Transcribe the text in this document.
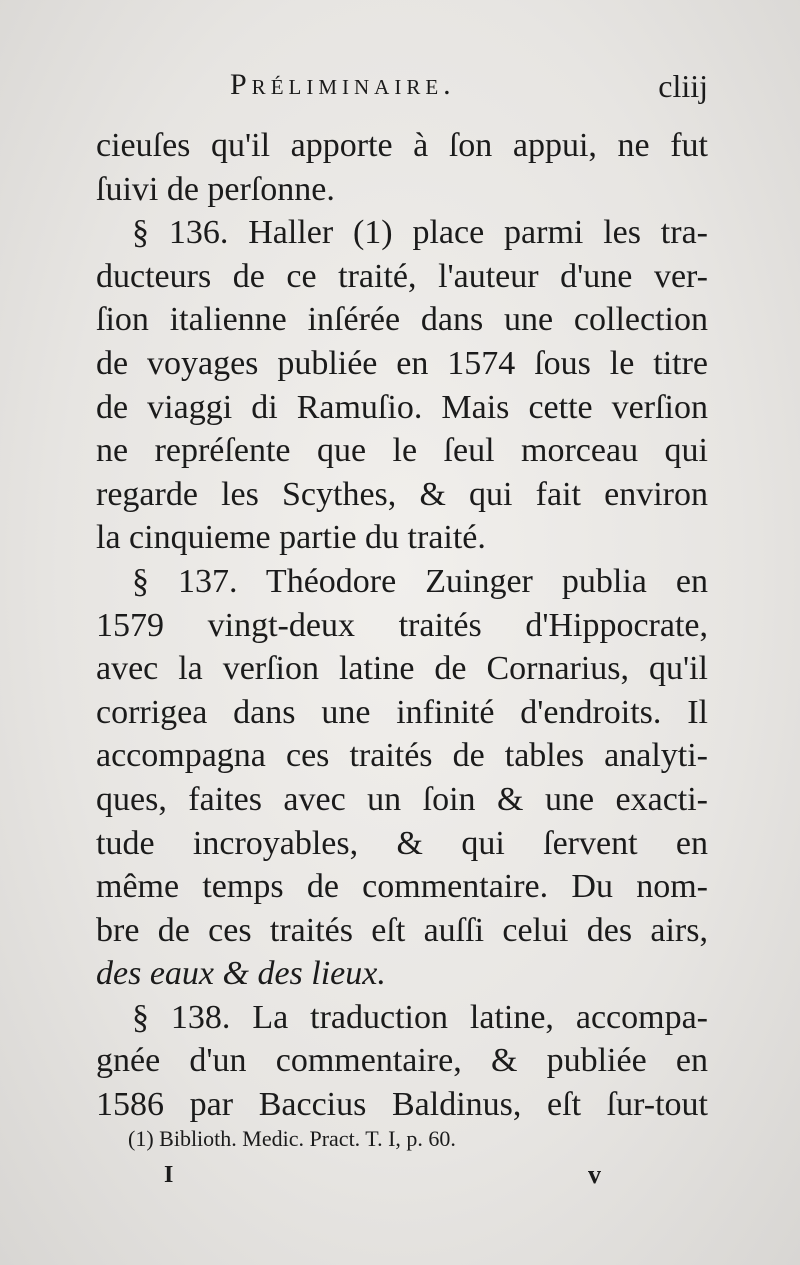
Préliminaire.	cliij
cieuſes qu'il apporte à ſon appui, ne fut
ſuivi de perſonne.
§ 136. Haller (1) place parmi les tra-
ducteurs de ce traité, l'auteur d'une ver-
ſion italienne inſérée dans une collection
de voyages publiée en 1574 ſous le titre
de viaggi di Ramuſio. Mais cette verſion
ne repréſente que le ſeul morceau qui
regarde les Scythes, & qui fait environ
la cinquieme partie du traité.
§ 137. Théodore Zuinger publia en
1579 vingt-deux traités d'Hippocrate,
avec la verſion latine de Cornarius, qu'il
corrigea dans une infinité d'endroits. Il
accompagna ces traités de tables analyti-
ques, faites avec un ſoin & une exacti-
tude incroyables, & qui ſervent en
même temps de commentaire. Du nom-
bre de ces traités eſt auſſi celui des airs,
des eaux & des lieux.
§ 138. La traduction latine, accompa-
gnée d'un commentaire, & publiée en
1586 par Baccius Baldinus, eſt ſur-tout
(1) Biblioth. Medic. Pract. T. I, p. 60.
I	v
